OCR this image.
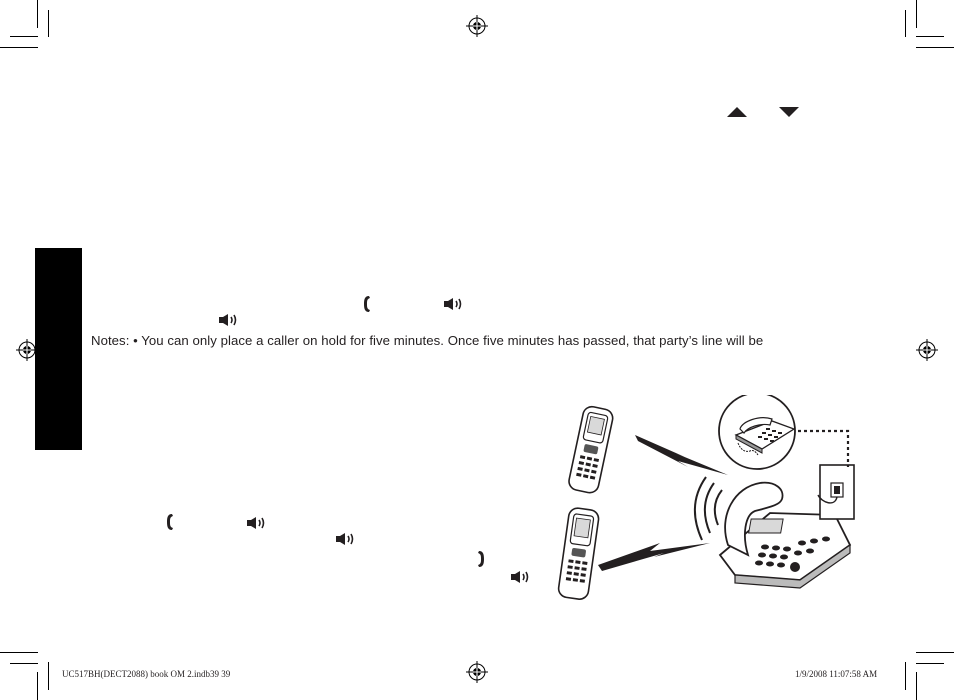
Notes: • You can only place a caller on hold for five minutes. Once five minutes has passed, that party’s line will be
UC517BH(DECT2088) book OM 2.indb39 39	1/9/2008 11:07:58 AM
